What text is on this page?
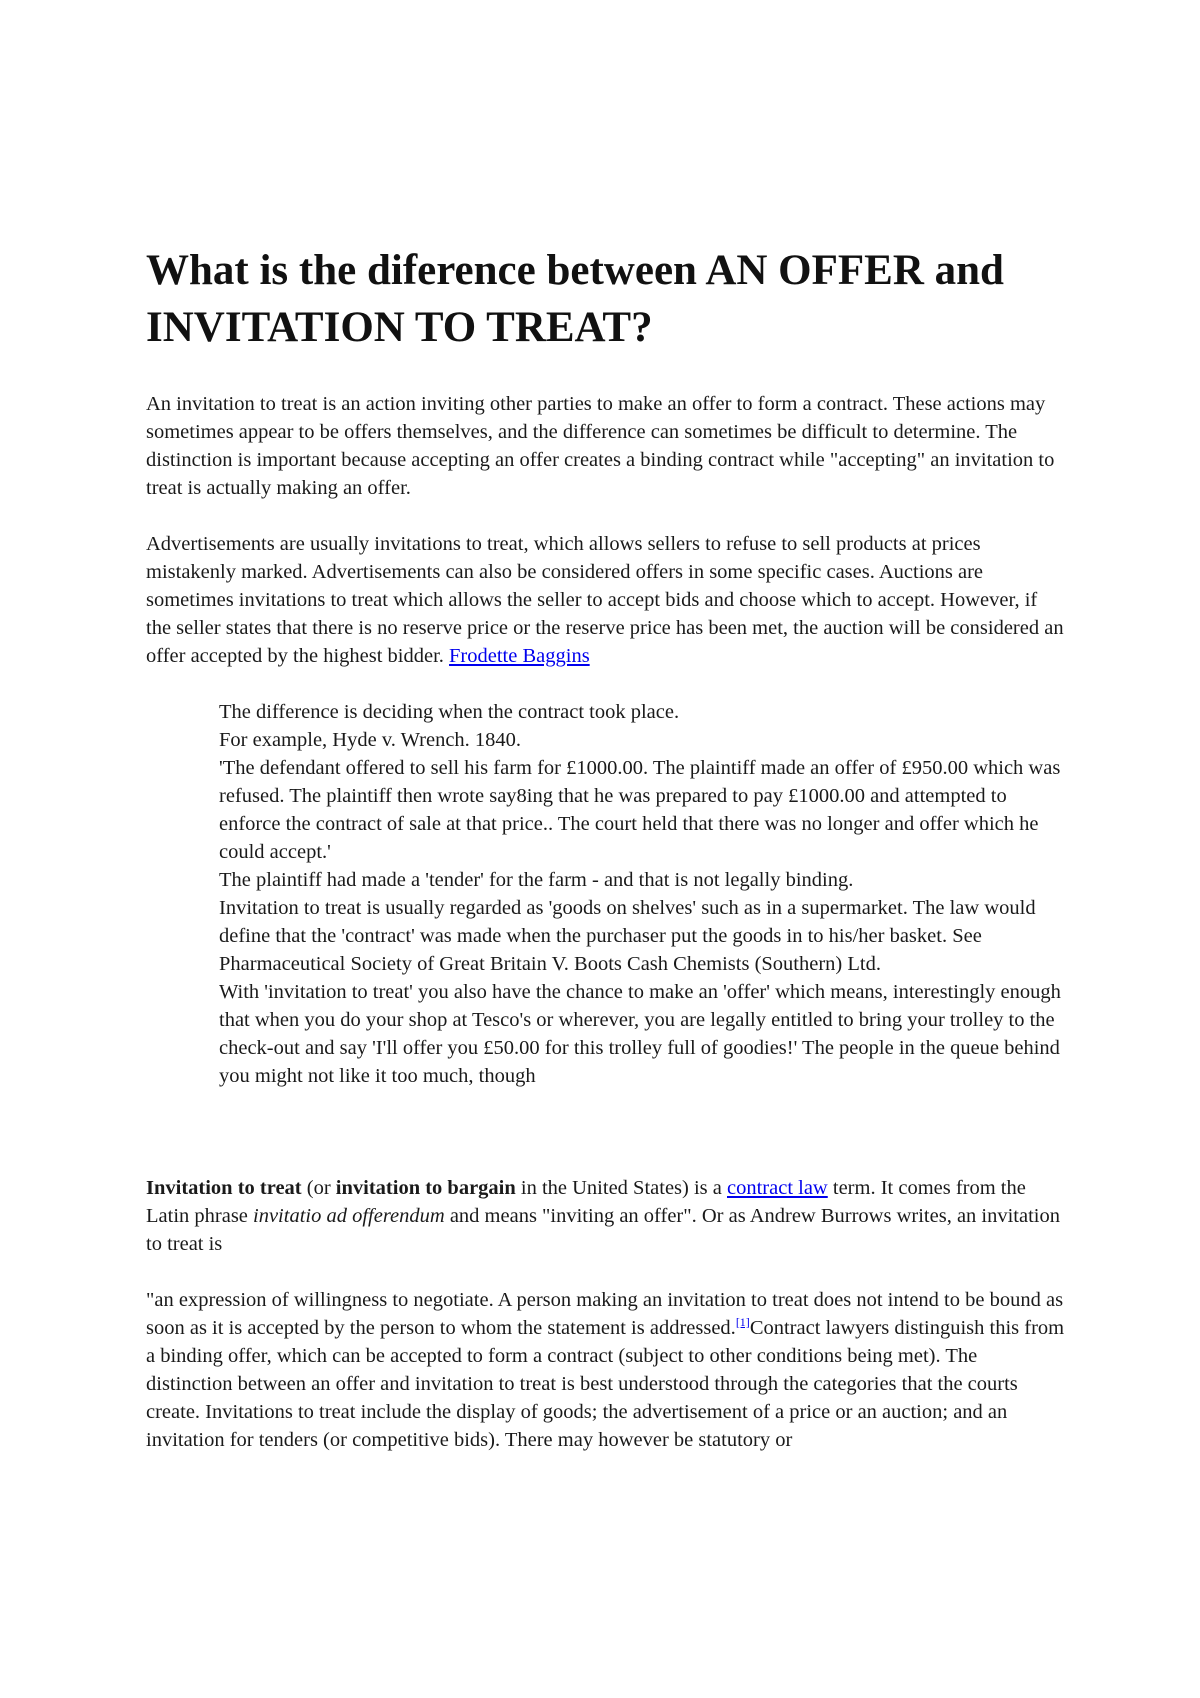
What is the diference between AN OFFER and INVITATION TO TREAT?

An invitation to treat is an action inviting other parties to make an offer to form a contract. These actions may sometimes appear to be offers themselves, and the difference can sometimes be difficult to determine. The distinction is important because accepting an offer creates a binding contract while "accepting" an invitation to treat is actually making an offer.

Advertisements are usually invitations to treat, which allows sellers to refuse to sell products at prices mistakenly marked. Advertisements can also be considered offers in some specific cases. Auctions are sometimes invitations to treat which allows the seller to accept bids and choose which to accept. However, if the seller states that there is no reserve price or the reserve price has been met, the auction will be considered an offer accepted by the highest bidder. Frodette Baggins

The difference is deciding when the contract took place.
For example, Hyde v. Wrench. 1840.
'The defendant offered to sell his farm for £1000.00. The plaintiff made an offer of £950.00 which was refused. The plaintiff then wrote say8ing that he was prepared to pay £1000.00 and attempted to enforce the contract of sale at that price.. The court held that there was no longer and offer which he could accept.'
The plaintiff had made a 'tender' for the farm - and that is not legally binding.
Invitation to treat is usually regarded as 'goods on shelves' such as in a supermarket. The law would define that the 'contract' was made when the purchaser put the goods in to his/her basket. See Pharmaceutical Society of Great Britain V. Boots Cash Chemists (Southern) Ltd.
With 'invitation to treat' you also have the chance to make an 'offer' which means, interestingly enough that when you do your shop at Tesco's or wherever, you are legally entitled to bring your trolley to the check-out and say 'I'll offer you £50.00 for this trolley full of goodies!' The people in the queue behind you might not like it too much, though

Invitation to treat (or invitation to bargain in the United States) is a contract law term. It comes from the Latin phrase invitatio ad offerendum and means "inviting an offer". Or as Andrew Burrows writes, an invitation to treat is

"an expression of willingness to negotiate. A person making an invitation to treat does not intend to be bound as soon as it is accepted by the person to whom the statement is addressed.[1]Contract lawyers distinguish this from a binding offer, which can be accepted to form a contract (subject to other conditions being met). The distinction between an offer and invitation to treat is best understood through the categories that the courts create. Invitations to treat include the display of goods; the advertisement of a price or an auction; and an invitation for tenders (or competitive bids). There may however be statutory or
